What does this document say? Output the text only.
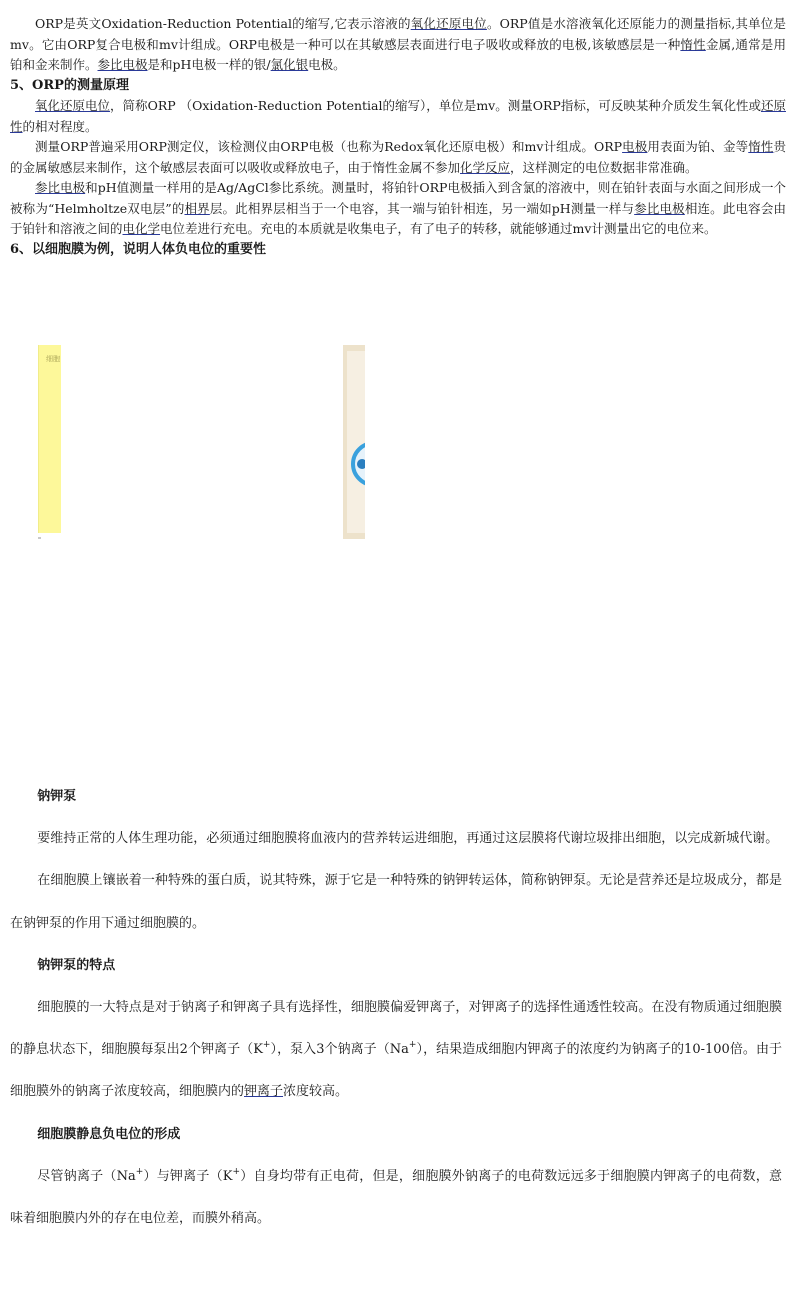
ORP是英文Oxidation-Reduction Potential的缩写,它表示溶液的氧化还原电位。ORP值是水溶液氧化还原能力的测量指标,其单位是mv。它由ORP复合电极和mv计组成。ORP电极是一种可以在其敏感层表面进行电子吸收或释放的电极,该敏感层是一种惰性金属,通常是用铂和金来制作。参比电极是和pH电极一样的银/氯化银电极。

5、ORP的测量原理

氧化还原电位，简称ORP （Oxidation-Reduction Potential的缩写），单位是mv。测量ORP指标，可反映某种介质发生氧化性或还原性的相对程度。

测量ORP普遍采用ORP测定仪，该检测仪由ORP电极（也称为Redox氧化还原电极）和mv计组成。ORP电极用表面为铂、金等惰性贵的金属敏感层来制作，这个敏感层表面可以吸收或释放电子，由于惰性金属不参加化学反应，这样测定的电位数据非常准确。

参比电极和pH值测量一样用的是Ag/AgCl参比系统。测量时，将铂针ORP电极插入到含氯的溶液中，则在铂针表面与水面之间形成一个被称为“Helmholtze双电层”的相界层。此相界层相当于一个电容，其一端与铂针相连，另一端如pH测量一样与参比电极相连。此电容会由于铂针和溶液之间的电化学电位差进行充电。充电的本质就是收集电子，有了电子的转移，就能够通过mv计测量出它的电位来。

6、以细胞膜为例，说明人体负电位的重要性
细胞
钠钾泵

要维持正常的人体生理功能，必须通过细胞膜将血液内的营养转运进细胞，再通过这层膜将代谢垃圾排出细胞，以完成新城代谢。

在细胞膜上镶嵌着一种特殊的蛋白质，说其特殊，源于它是一种特殊的钠钾转运体，简称钠钾泵。无论是营养还是垃圾成分，都是在钠钾泵的作用下通过细胞膜的。

钠钾泵的特点

细胞膜的一大特点是对于钠离子和钾离子具有选择性，细胞膜偏爱钾离子，对钾离子的选择性通透性较高。在没有物质通过细胞膜的静息状态下，细胞膜每泵出2个钾离子（K+），泵入3个钠离子（Na+），结果造成细胞内钾离子的浓度约为钠离子的10-100倍。由于细胞膜外的钠离子浓度较高，细胞膜内的钾离子浓度较高。

细胞膜静息负电位的形成

尽管钠离子（Na+）与钾离子（K+）自身均带有正电荷，但是，细胞膜外钠离子的电荷数远远多于细胞膜内钾离子的电荷数，意味着细胞膜内外的存在电位差，而膜外稍高。
